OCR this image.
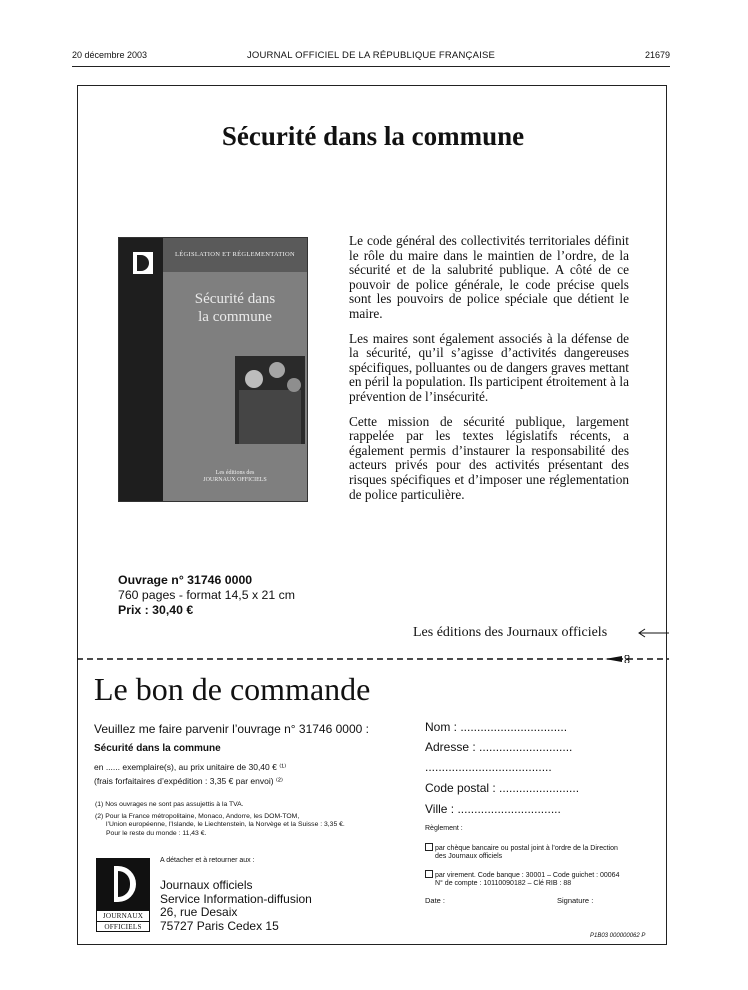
20 décembre 2003	JOURNAL OFFICIEL DE LA RÉPUBLIQUE FRANÇAISE	21679
Sécurité dans la commune
LÉGISLATION ET RÉGLEMENTATION
Sécurité dans
la commune
Les éditions des
JOURNAUX OFFICIELS

Le code général des collectivités territoriales définit le rôle du maire dans le maintien de l’ordre, de la sécurité et de la salubrité publique. A côté de ce pouvoir de police générale, le code précise quels sont les pouvoirs de police spéciale que détient le maire.

Les maires sont également associés à la défense de la sécurité, qu’il s’agisse d’activités dangereuses spécifiques, polluantes ou de dangers graves mettant en péril la population. Ils participent étroitement à la prévention de l’insécurité.

Cette mission de sécurité publique, largement rappelée par les textes législatifs récents, a également permis d’instaurer la responsabilité des acteurs privés pour des activités présentant des risques spécifiques et d’imposer une réglementation de police particulière.

Ouvrage n° 31746 0000
760 pages - format 14,5 x 21 cm
Prix : 30,40 €
Les éditions des Journaux officiels
Le bon de commande
Veuillez me faire parvenir l’ouvrage n° 31746 0000 :
Sécurité dans la commune
en ...... exemplaire(s), au prix unitaire de 30,40 € ⁽¹⁾
(frais forfaitaires d’expédition : 3,35 € par envoi) ⁽²⁾
(1) Nos ouvrages ne sont pas assujettis à la TVA.
(2) Pour la France métropolitaine, Monaco, Andorre, les DOM-TOM,
l’Union européenne, l’Islande, le Liechtenstein, la Norvège et la Suisse : 3,35 €.
Pour le reste du monde : 11,43 €.
JOURNAUX
OFFICIELS
A détacher et à retourner aux :
Journaux officiels
Service Information-diffusion
26, rue Desaix
75727 Paris Cedex 15
Nom : ................................
Adresse : ............................
......................................
Code postal : ........................
Ville : ...............................
Règlement :
par chèque bancaire ou postal joint à l’ordre de la Direction
des Journaux officiels
par virement. Code banque : 30001 – Code guichet : 00064
N° de compte : 10110090182 – Clé RIB : 88
Date :	Signature :
P1B03 000000062 P
